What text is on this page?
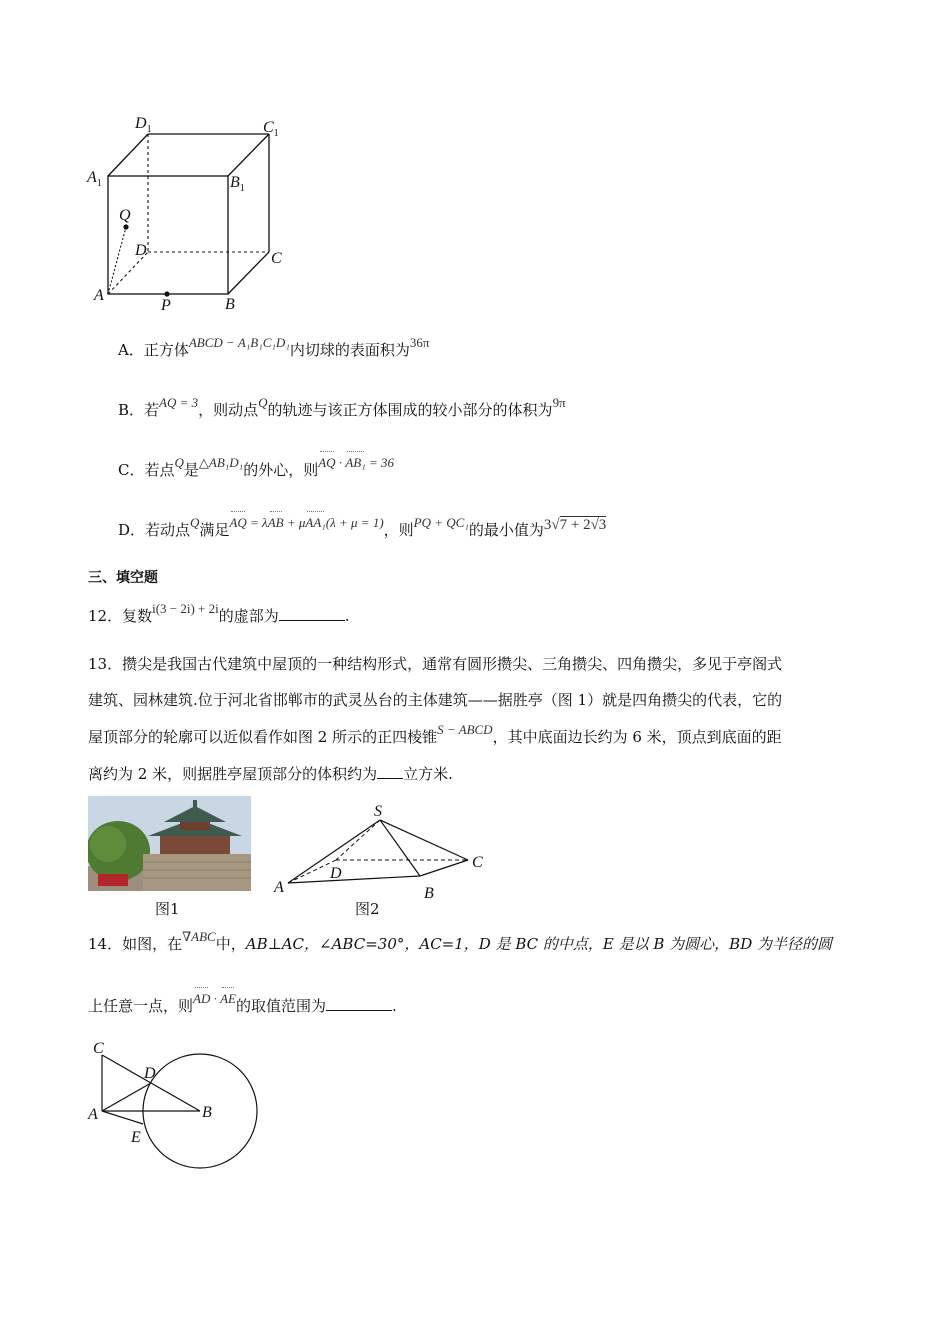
$D_1$	$C_1$
$A_1$	$B_1$
Q
D	C
A
P	B
A．正方体ABCD − A₁B₁C₁D₁内切球的表面积为36π
B．若AQ = 3，则动点Q的轨迹与该正方体围成的较小部分的体积为9π
C．若点Q是△AB₁D₁的外心，则AQ · AB₁ = 36
D．若动点Q满足AQ = λAB + μAA₁(λ + μ = 1)，则PQ + QC₁的最小值为3√7 + 2√3
三、填空题
12．复数i(3 − 2i) + 2i的虚部为	.
13．攒尖是我国古代建筑中屋顶的一种结构形式，通常有圆形攒尖、三角攒尖、四角攒尖，多见于亭阁式
建筑、园林建筑.位于河北省邯郸市的武灵丛台的主体建筑——据胜亭（图 1）就是四角攒尖的代表，它的
屋顶部分的轮廓可以近似看作如图 2 所示的正四棱锥S − ABCD，其中底面边长约为 6 米，顶点到底面的距
离约为 2 米，则据胜亭屋顶部分的体积约为 立方米.
图1
S
D
C
A	B
图2
14．如图，在∇ABC中，AB⊥AC，∠ABC=30°，AC=1，D 是 BC 的中点，E 是以 B 为圆心，BD 为半径的圆
上任意一点，则AD · AE的取值范围为	.
C
D
A	B
E
